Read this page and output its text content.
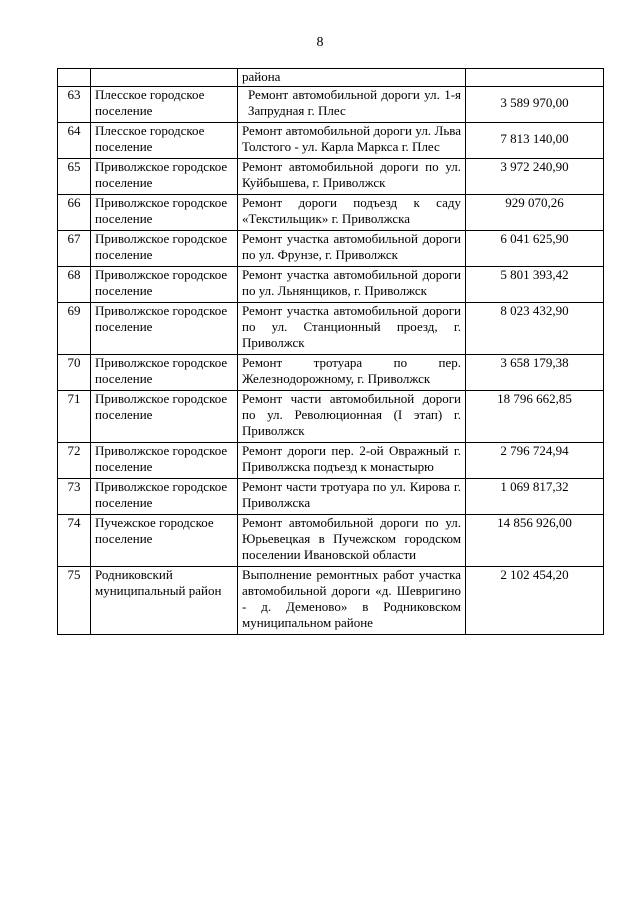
8
		района	
63	Плесское городское поселение	Ремонт автомобильной дороги ул. 1-я Запрудная г. Плес	3 589 970,00
64	Плесское городское поселение	Ремонт автомобильной дороги ул. Льва Толстого - ул. Карла Маркса г. Плес	7 813 140,00
65	Приволжское городское поселение	Ремонт автомобильной дороги по ул. Куйбышева, г. Приволжск	3 972 240,90
66	Приволжское городское поселение	Ремонт дороги подъезд к саду «Текстильщик» г. Приволжска	929 070,26
67	Приволжское городское поселение	Ремонт участка автомобильной дороги по ул. Фрунзе, г. Приволжск	6 041 625,90
68	Приволжское городское поселение	Ремонт участка автомобильной дороги по ул. Льнянщиков, г. Приволжск	5 801 393,42
69	Приволжское городское поселение	Ремонт участка автомобильной дороги по ул. Станционный проезд, г. Приволжск	8 023 432,90
70	Приволжское городское поселение	Ремонт тротуара по пер. Железнодорожному, г. Приволжск	3 658 179,38
71	Приволжское городское поселение	Ремонт части автомобильной дороги по ул. Революционная (I этап) г. Приволжск	18 796 662,85
72	Приволжское городское поселение	Ремонт дороги пер. 2-ой Овражный г. Приволжска подъезд к монастырю	2 796 724,94
73	Приволжское городское поселение	Ремонт части тротуара по ул. Кирова г. Приволжска	1 069 817,32
74	Пучежское городское поселение	Ремонт автомобильной дороги по ул. Юрьевецкая в Пучежском городском поселении Ивановской области	14 856 926,00
75	Родниковский муниципальный район	Выполнение ремонтных работ участка автомобильной дороги «д. Шевригино - д. Деменово» в Родниковском муниципальном районе	2 102 454,20
